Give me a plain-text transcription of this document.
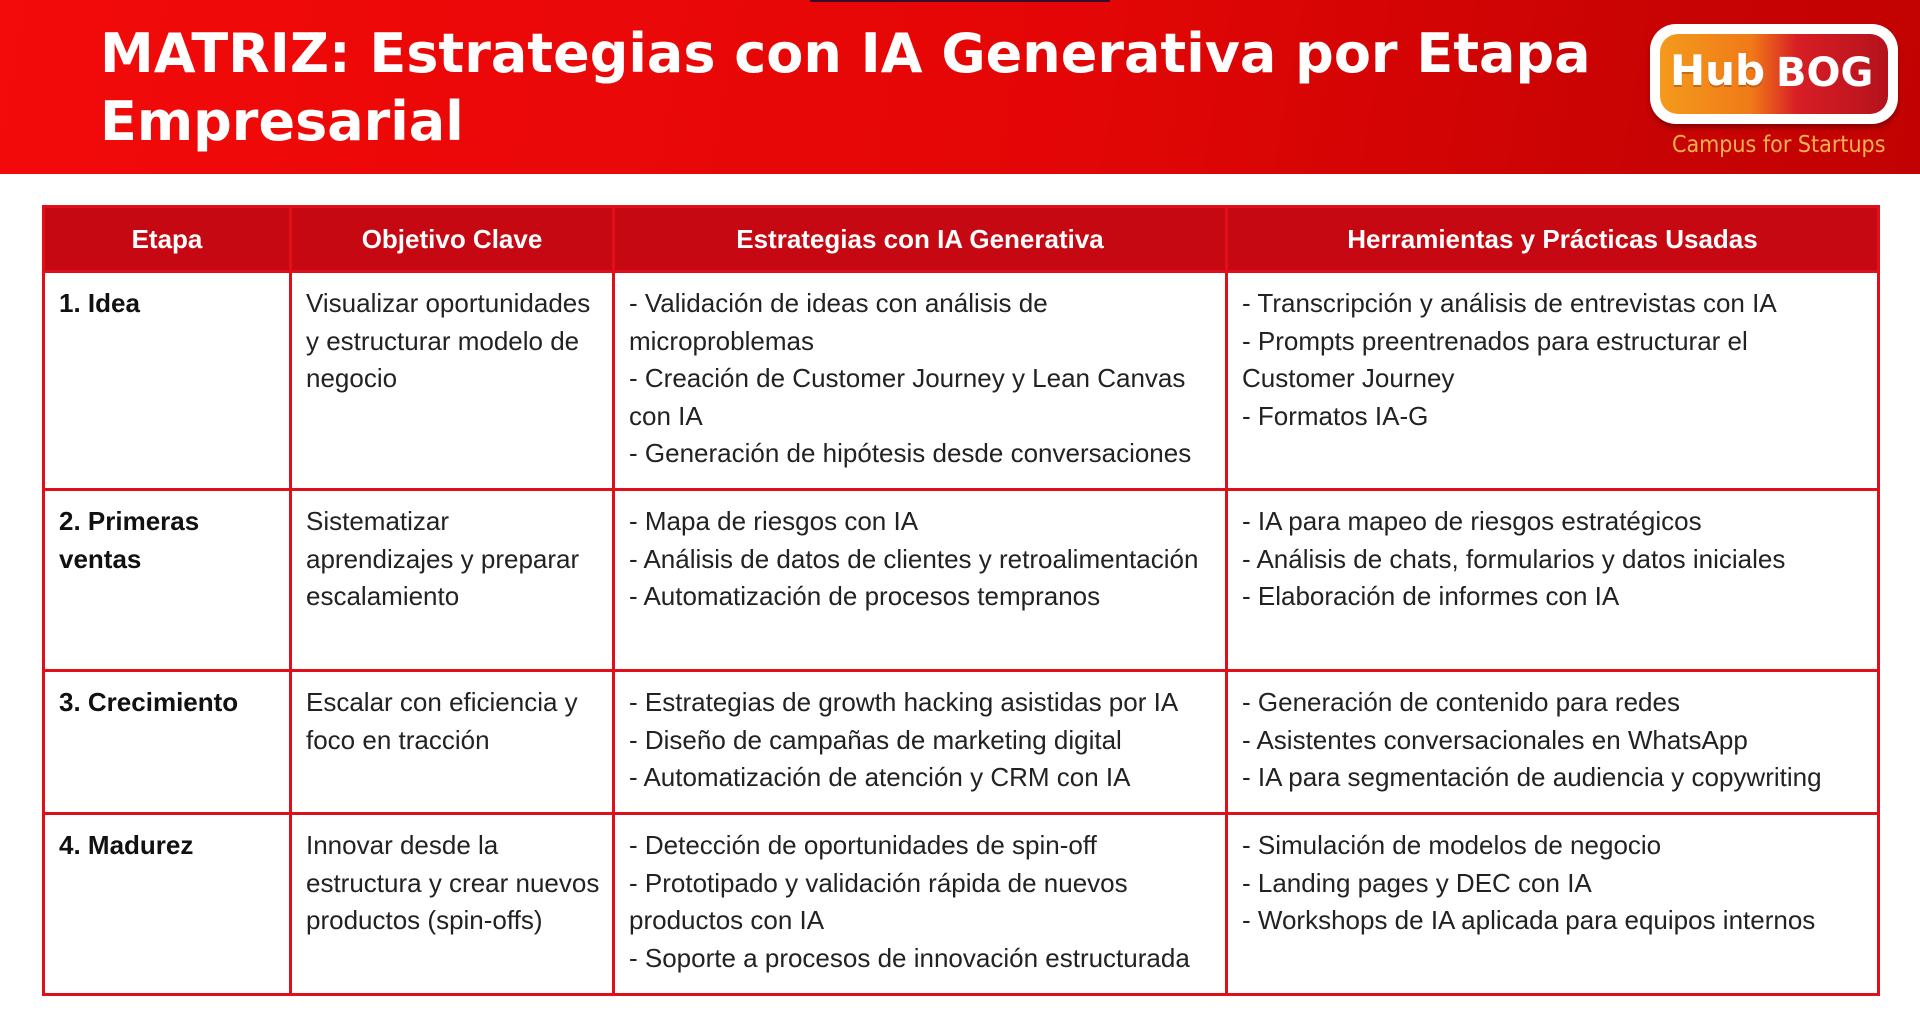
MATRIZ: Estrategias con IA Generativa por Etapa Empresarial
Hub BOG
Campus for Startups
Etapa	Objetivo Clave	Estrategias con IA Generativa	Herramientas y Prácticas Usadas
1. Idea	Visualizar oportunidades y estructurar modelo de negocio	- Validación de ideas con análisis de microproblemas
- Creación de Customer Journey y Lean Canvas con IA
- Generación de hipótesis desde conversaciones	- Transcripción y análisis de entrevistas con IA
- Prompts preentrenados para estructurar el Customer Journey
- Formatos IA-G

2. Primeras ventas	Sistematizar aprendizajes y preparar escalamiento	- Mapa de riesgos con IA
- Análisis de datos de clientes y retroalimentación
- Automatización de procesos tempranos	- IA para mapeo de riesgos estratégicos
- Análisis de chats, formularios y datos iniciales
- Elaboración de informes con IA

3. Crecimiento	Escalar con eficiencia y foco en tracción	- Estrategias de growth hacking asistidas por IA
- Diseño de campañas de marketing digital
- Automatización de atención y CRM con IA	- Generación de contenido para redes
- Asistentes conversacionales en WhatsApp
- IA para segmentación de audiencia y copywriting

4. Madurez	Innovar desde la estructura y crear nuevos productos (spin-offs)	- Detección de oportunidades de spin-off
- Prototipado y validación rápida de nuevos productos con IA
- Soporte a procesos de innovación estructurada	- Simulación de modelos de negocio
- Landing pages y DEC con IA
- Workshops de IA aplicada para equipos internos
